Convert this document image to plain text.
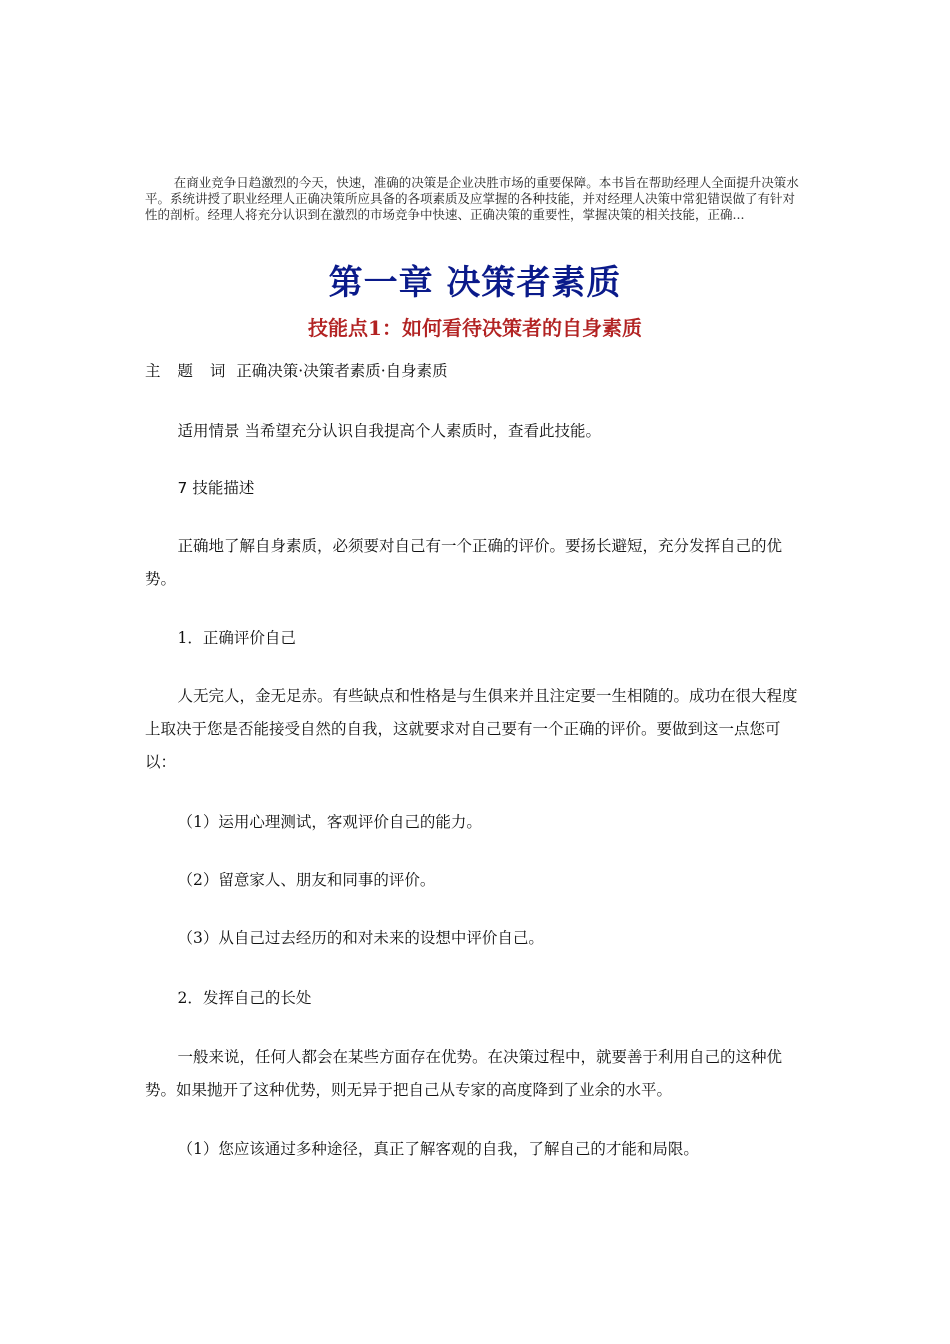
在商业竞争日趋激烈的今天，快速，准确的决策是企业决胜市场的重要保障。本书旨在帮助经理人全面提升决策水平。系统讲授了职业经理人正确决策所应具备的各项素质及应掌握的各种技能，并对经理人决策中常犯错误做了有针对性的剖析。经理人将充分认识到在激烈的市场竞争中快速、正确决策的重要性，掌握决策的相关技能，正确...

第一章 决策者素质
技能点1：如何看待决策者的自身素质

主 题 词 正确决策·决策者素质·自身素质

适用情景 当希望充分认识自我提高个人素质时，查看此技能。

7 技能描述

正确地了解自身素质，必须要对自己有一个正确的评价。要扬长避短，充分发挥自己的优势。

1．正确评价自己

人无完人，金无足赤。有些缺点和性格是与生俱来并且注定要一生相随的。成功在很大程度上取决于您是否能接受自然的自我，这就要求对自己要有一个正确的评价。要做到这一点您可以：

（1）运用心理测试，客观评价自己的能力。

（2）留意家人、朋友和同事的评价。

（3）从自己过去经历的和对未来的设想中评价自己。

2．发挥自己的长处

一般来说，任何人都会在某些方面存在优势。在决策过程中，就要善于利用自己的这种优势。如果抛开了这种优势，则无异于把自己从专家的高度降到了业余的水平。

（1）您应该通过多种途径，真正了解客观的自我，了解自己的才能和局限。
